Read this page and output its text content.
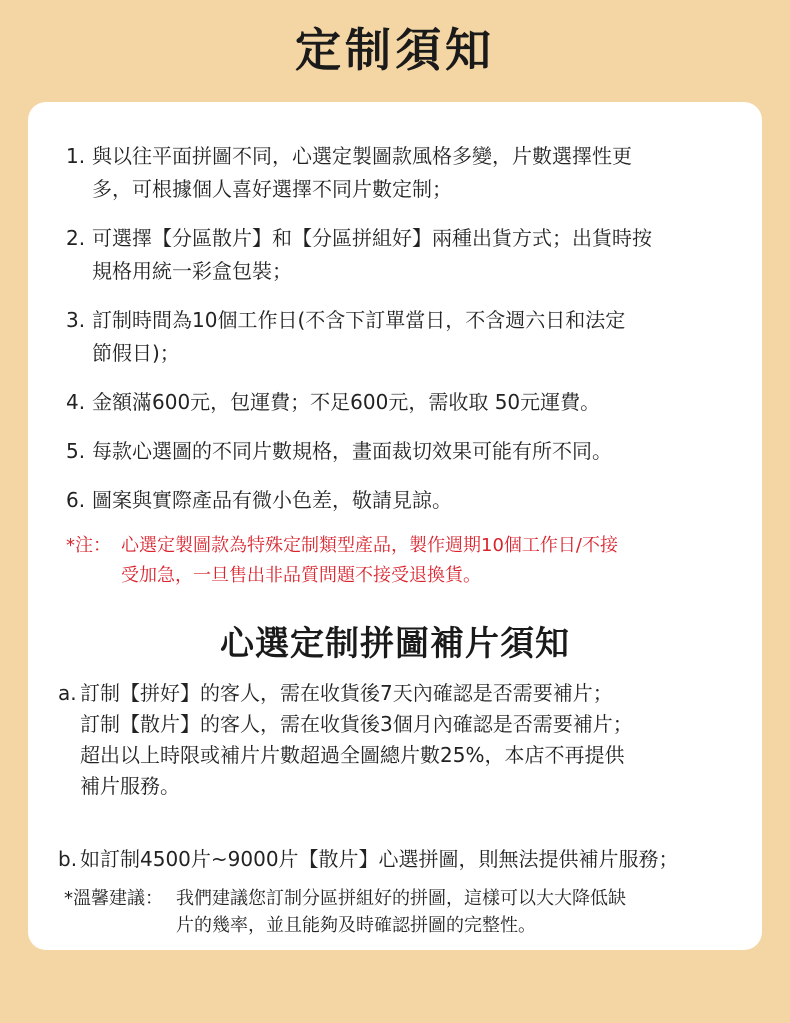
定制須知
1. 與以往平面拼圖不同，心選定製圖款風格多變，片數選擇性更
多，可根據個人喜好選擇不同片數定制；
2. 可選擇【分區散片】和【分區拼組好】兩種出貨方式；出貨時按
規格用統一彩盒包裝；
3. 訂制時間為10個工作日(不含下訂單當日，不含週六日和法定
節假日)；
4. 金額滿600元，包運費；不足600元，需收取 50元運費。
5. 每款心選圖的不同片數規格，畫面裁切效果可能有所不同。
6. 圖案與實際產品有微小色差，敬請見諒。
*注： 心選定製圖款為特殊定制類型產品，製作週期10個工作日/不接
受加急，一旦售出非品質問題不接受退換貨。
心選定制拼圖補片須知
a. 訂制【拼好】的客人，需在收貨後7天內確認是否需要補片；
訂制【散片】的客人，需在收貨後3個月內確認是否需要補片；
超出以上時限或補片片數超過全圖總片數25%，本店不再提供
補片服務。
b. 如訂制4500片~9000片【散片】心選拼圖，則無法提供補片服務；
*溫馨建議： 我們建議您訂制分區拼組好的拼圖，這樣可以大大降低缺
片的幾率，並且能夠及時確認拼圖的完整性。
